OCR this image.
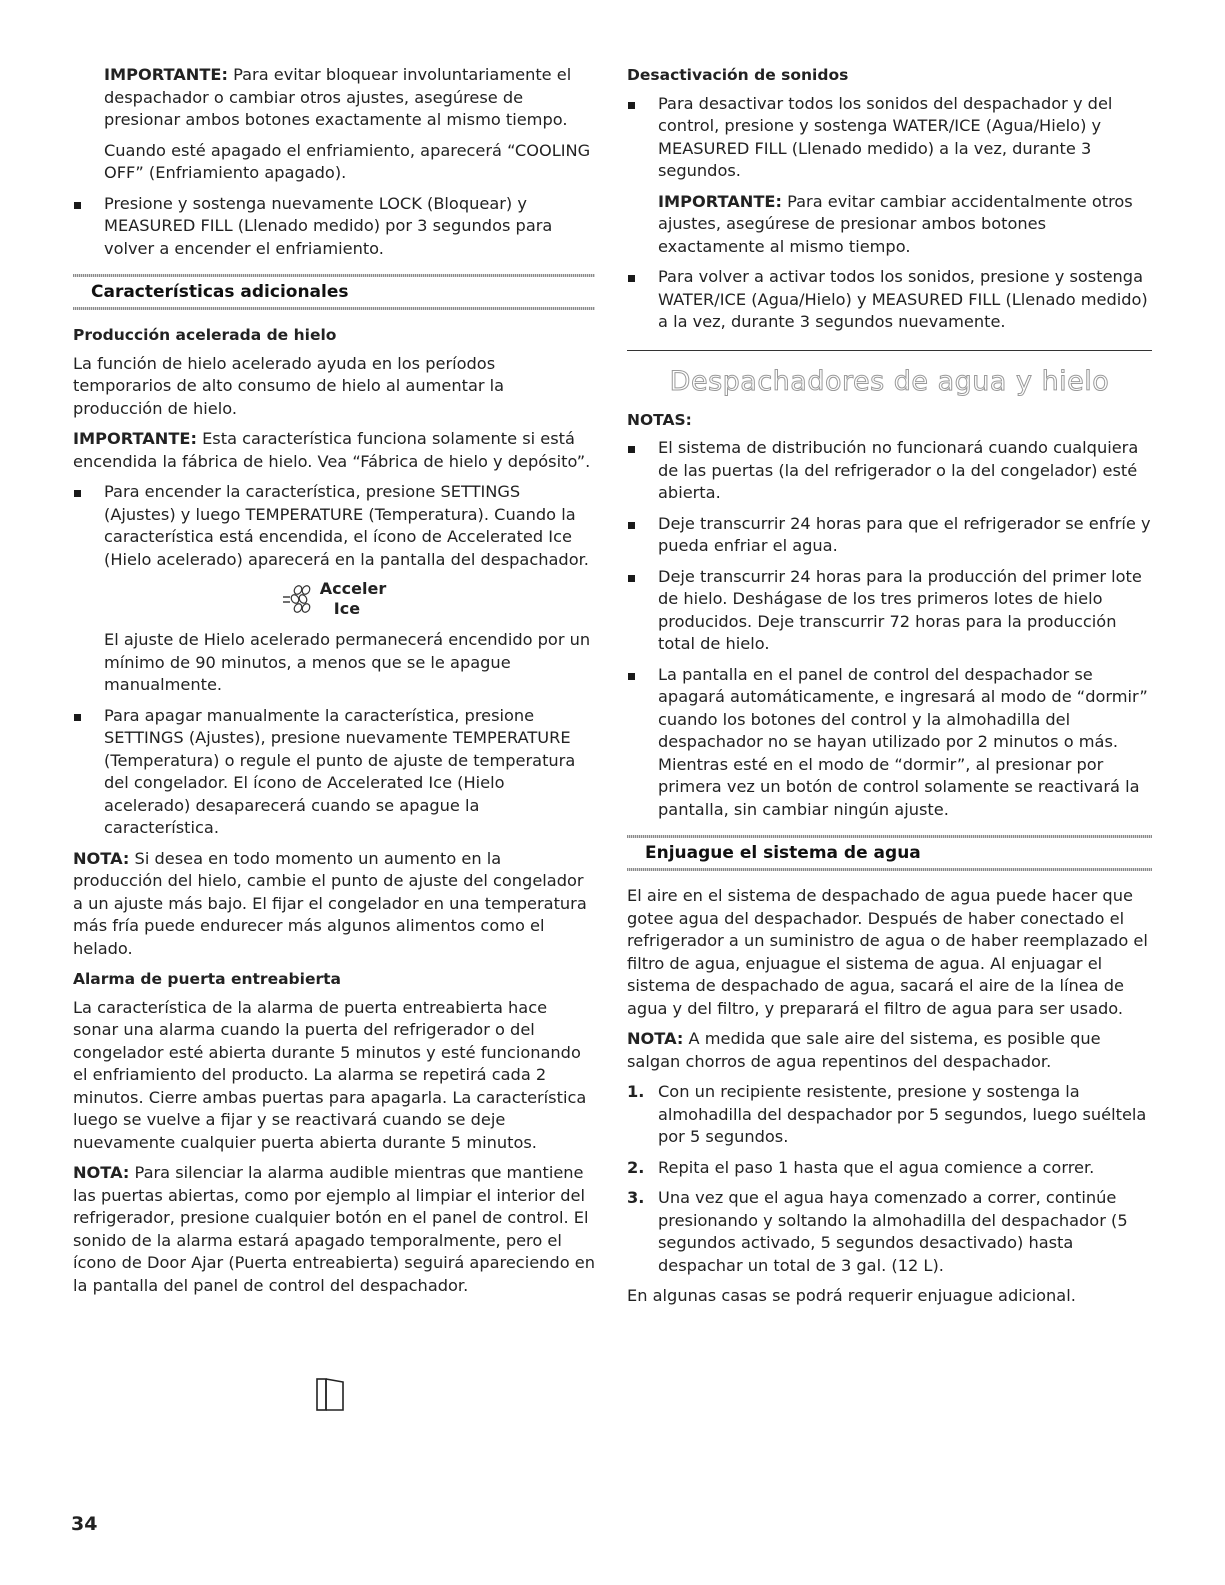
IMPORTANTE: Para evitar bloquear involuntariamente el despachador o cambiar otros ajustes, asegúrese de presionar ambos botones exactamente al mismo tiempo.

Cuando esté apagado el enfriamiento, aparecerá “COOLING OFF” (Enfriamiento apagado).

Presione y sostenga nuevamente LOCK (Bloquear) y MEASURED FILL (Llenado medido) por 3 segundos para volver a encender el enfriamiento.

Características adicionales
Producción acelerada de hielo

La función de hielo acelerado ayuda en los períodos temporarios de alto consumo de hielo al aumentar la producción de hielo.

IMPORTANTE: Esta característica funciona solamente si está encendida la fábrica de hielo. Vea “Fábrica de hielo y depósito”.

Para encender la característica, presione SETTINGS (Ajustes) y luego TEMPERATURE (Temperatura). Cuando la característica está encendida, el ícono de Accelerated Ice (Hielo acelerado) aparecerá en la pantalla del despachador.

Acceler
Ice

El ajuste de Hielo acelerado permanecerá encendido por un mínimo de 90 minutos, a menos que se le apague manualmente.

Para apagar manualmente la característica, presione SETTINGS (Ajustes), presione nuevamente TEMPERATURE (Temperatura) o regule el punto de ajuste de temperatura del congelador. El ícono de Accelerated Ice (Hielo acelerado) desaparecerá cuando se apague la característica.

NOTA: Si desea en todo momento un aumento en la producción del hielo, cambie el punto de ajuste del congelador a un ajuste más bajo. El fijar el congelador en una temperatura más fría puede endurecer más algunos alimentos como el helado.

Alarma de puerta entreabierta

La característica de la alarma de puerta entreabierta hace sonar una alarma cuando la puerta del refrigerador o del congelador esté abierta durante 5 minutos y esté funcionando el enfriamiento del producto. La alarma se repetirá cada 2 minutos. Cierre ambas puertas para apagarla. La característica luego se vuelve a fijar y se reactivará cuando se deje nuevamente cualquier puerta abierta durante 5 minutos.

NOTA: Para silenciar la alarma audible mientras que mantiene las puertas abiertas, como por ejemplo al limpiar el interior del refrigerador, presione cualquier botón en el panel de control. El sonido de la alarma estará apagado temporalmente, pero el ícono de Door Ajar (Puerta entreabierta) seguirá apareciendo en la pantalla del panel de control del despachador.

Desactivación de sonidos

Para desactivar todos los sonidos del despachador y del control, presione y sostenga WATER/ICE (Agua/Hielo) y MEASURED FILL (Llenado medido) a la vez, durante 3 segundos.

IMPORTANTE: Para evitar cambiar accidentalmente otros ajustes, asegúrese de presionar ambos botones exactamente al mismo tiempo.

Para volver a activar todos los sonidos, presione y sostenga WATER/ICE (Agua/Hielo) y MEASURED FILL (Llenado medido) a la vez, durante 3 segundos nuevamente.

Despachadores de agua y hielo
NOTAS:

El sistema de distribución no funcionará cuando cualquiera de las puertas (la del refrigerador o la del congelador) esté abierta.

Deje transcurrir 24 horas para que el refrigerador se enfríe y pueda enfriar el agua.

Deje transcurrir 24 horas para la producción del primer lote de hielo. Deshágase de los tres primeros lotes de hielo producidos. Deje transcurrir 72 horas para la producción total de hielo.

La pantalla en el panel de control del despachador se apagará automáticamente, e ingresará al modo de “dormir” cuando los botones del control y la almohadilla del despachador no se hayan utilizado por 2 minutos o más. Mientras esté en el modo de “dormir”, al presionar por primera vez un botón de control solamente se reactivará la pantalla, sin cambiar ningún ajuste.

Enjuague el sistema de agua

El aire en el sistema de despachado de agua puede hacer que gotee agua del despachador. Después de haber conectado el refrigerador a un suministro de agua o de haber reemplazado el filtro de agua, enjuague el sistema de agua. Al enjuagar el sistema de despachado de agua, sacará el aire de la línea de agua y del filtro, y preparará el filtro de agua para ser usado.

NOTA: A medida que sale aire del sistema, es posible que salgan chorros de agua repentinos del despachador.

1. Con un recipiente resistente, presione y sostenga la almohadilla del despachador por 5 segundos, luego suéltela por 5 segundos.
2. Repita el paso 1 hasta que el agua comience a correr.
3. Una vez que el agua haya comenzado a correr, continúe presionando y soltando la almohadilla del despachador (5 segundos activado, 5 segundos desactivado) hasta despachar un total de 3 gal. (12 L).

En algunas casas se podrá requerir enjuague adicional.

34
